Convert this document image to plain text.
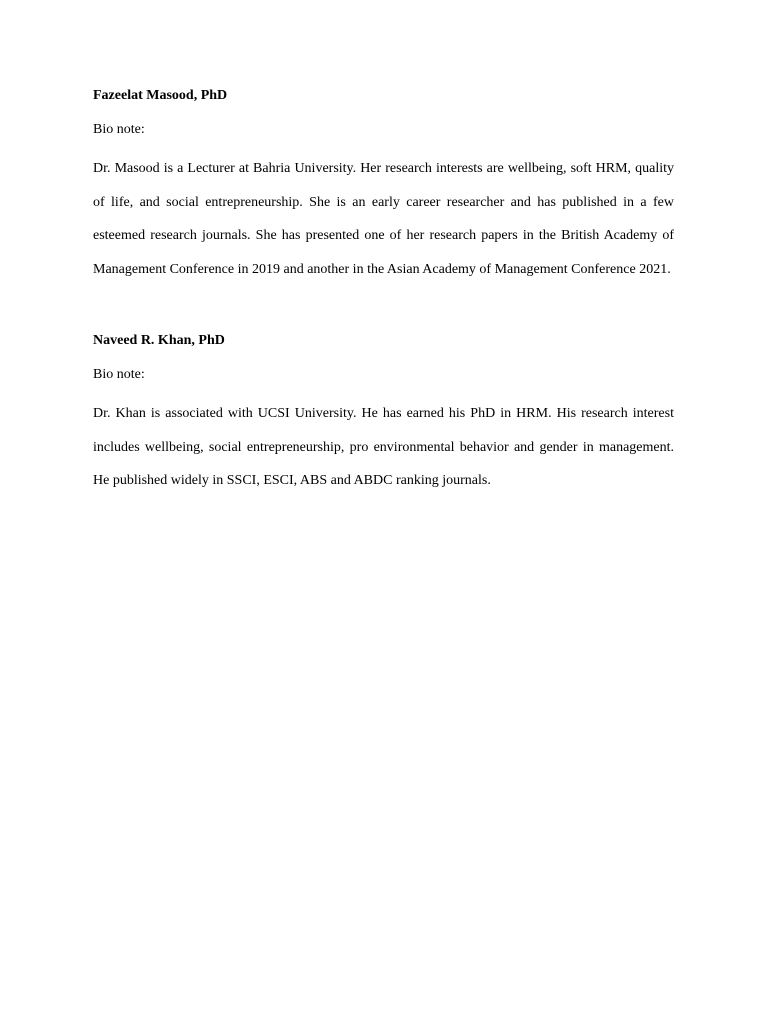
Fazeelat Masood, PhD

Bio note:

Dr. Masood is a Lecturer at Bahria University. Her research interests are wellbeing, soft HRM, quality of life, and social entrepreneurship. She is an early career researcher and has published in a few esteemed research journals. She has presented one of her research papers in the British Academy of Management Conference in 2019 and another in the Asian Academy of Management Conference 2021.

Naveed R. Khan, PhD

Bio note:

Dr. Khan is associated with UCSI University. He has earned his PhD in HRM. His research interest includes wellbeing, social entrepreneurship, pro environmental behavior and gender in management. He published widely in SSCI, ESCI, ABS and ABDC ranking journals.
